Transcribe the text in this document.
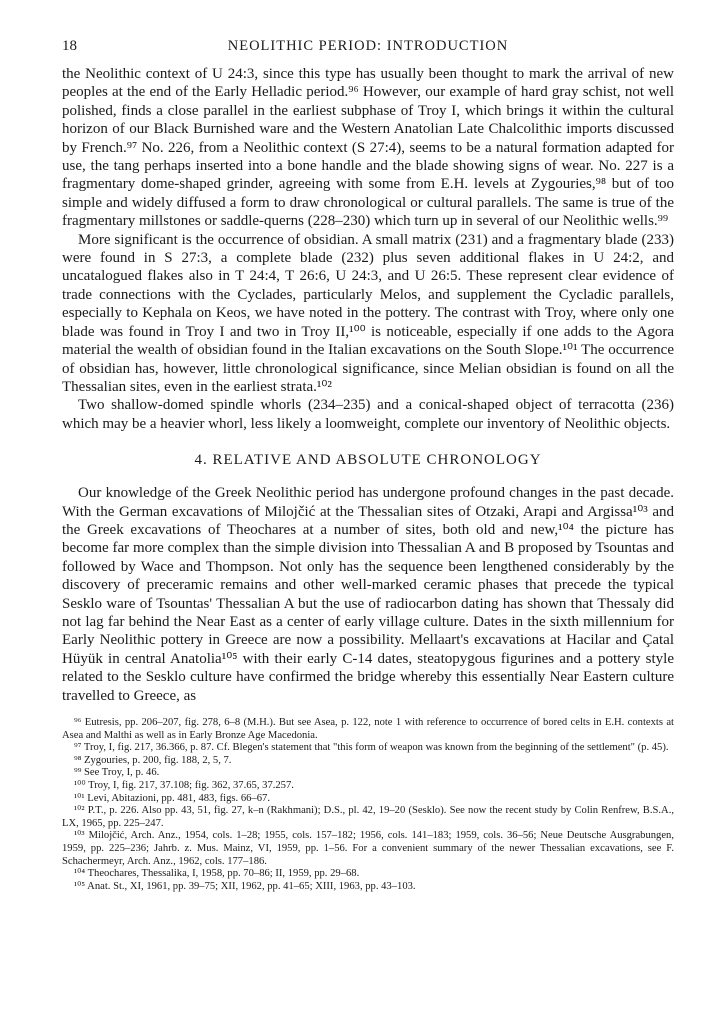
18	NEOLITHIC PERIOD: INTRODUCTION

the Neolithic context of U 24:3, since this type has usually been thought to mark the arrival of new peoples at the end of the Early Helladic period.⁹⁶ However, our example of hard gray schist, not well polished, finds a close parallel in the earliest subphase of Troy I, which brings it within the cultural horizon of our Black Burnished ware and the Western Anatolian Late Chalcolithic imports discussed by French.⁹⁷ No. 226, from a Neolithic context (S 27:4), seems to be a natural formation adapted for use, the tang perhaps inserted into a bone handle and the blade showing signs of wear. No. 227 is a fragmentary dome-shaped grinder, agreeing with some from E.H. levels at Zygouries,⁹⁸ but of too simple and widely diffused a form to draw chronological or cultural parallels. The same is true of the fragmentary millstones or saddle-querns (228–230) which turn up in several of our Neolithic wells.⁹⁹

More significant is the occurrence of obsidian. A small matrix (231) and a fragmentary blade (233) were found in S 27:3, a complete blade (232) plus seven additional flakes in U 24:2, and uncatalogued flakes also in T 24:4, T 26:6, U 24:3, and U 26:5. These represent clear evidence of trade connections with the Cyclades, particularly Melos, and supplement the Cycladic parallels, especially to Kephala on Keos, we have noted in the pottery. The contrast with Troy, where only one blade was found in Troy I and two in Troy II,¹⁰⁰ is noticeable, especially if one adds to the Agora material the wealth of obsidian found in the Italian excavations on the South Slope.¹⁰¹ The occurrence of obsidian has, however, little chronological significance, since Melian obsidian is found on all the Thessalian sites, even in the earliest strata.¹⁰²

Two shallow-domed spindle whorls (234–235) and a conical-shaped object of terracotta (236) which may be a heavier whorl, less likely a loomweight, complete our inventory of Neolithic objects.

4. RELATIVE AND ABSOLUTE CHRONOLOGY

Our knowledge of the Greek Neolithic period has undergone profound changes in the past decade. With the German excavations of Milojčić at the Thessalian sites of Otzaki, Arapi and Argissa¹⁰³ and the Greek excavations of Theochares at a number of sites, both old and new,¹⁰⁴ the picture has become far more complex than the simple division into Thessalian A and B proposed by Tsountas and followed by Wace and Thompson. Not only has the sequence been lengthened considerably by the discovery of preceramic remains and other well-marked ceramic phases that precede the typical Sesklo ware of Tsountas' Thessalian A but the use of radiocarbon dating has shown that Thessaly did not lag far behind the Near East as a center of early village culture. Dates in the sixth millennium for Early Neolithic pottery in Greece are now a possibility. Mellaart's excavations at Hacilar and Çatal Hüyük in central Anatolia¹⁰⁵ with their early C-14 dates, steatopygous figurines and a pottery style related to the Sesklo culture have confirmed the bridge whereby this essentially Near Eastern culture travelled to Greece, as

⁹⁶ Eutresis, pp. 206–207, fig. 278, 6–8 (M.H.). But see Asea, p. 122, note 1 with reference to occurrence of bored celts in E.H. contexts at Asea and Malthi as well as in Early Bronze Age Macedonia.
⁹⁷ Troy, I, fig. 217, 36.366, p. 87. Cf. Blegen's statement that "this form of weapon was known from the beginning of the settlement" (p. 45).
⁹⁸ Zygouries, p. 200, fig. 188, 2, 5, 7.
⁹⁹ See Troy, I, p. 46.
¹⁰⁰ Troy, I, fig. 217, 37.108; fig. 362, 37.65, 37.257.
¹⁰¹ Levi, Abitazioni, pp. 481, 483, figs. 66–67.
¹⁰² P.T., p. 226. Also pp. 43, 51, fig. 27, k–n (Rakhmani); D.S., pl. 42, 19–20 (Sesklo). See now the recent study by Colin Renfrew, B.S.A., LX, 1965, pp. 225–247.
¹⁰³ Milojčić, Arch. Anz., 1954, cols. 1–28; 1955, cols. 157–182; 1956, cols. 141–183; 1959, cols. 36–56; Neue Deutsche Ausgrabungen, 1959, pp. 225–236; Jahrb. z. Mus. Mainz, VI, 1959, pp. 1–56. For a convenient summary of the newer Thessalian excavations, see F. Schachermeyr, Arch. Anz., 1962, cols. 177–186.
¹⁰⁴ Theochares, Thessalika, I, 1958, pp. 70–86; II, 1959, pp. 29–68.
¹⁰⁵ Anat. St., XI, 1961, pp. 39–75; XII, 1962, pp. 41–65; XIII, 1963, pp. 43–103.
